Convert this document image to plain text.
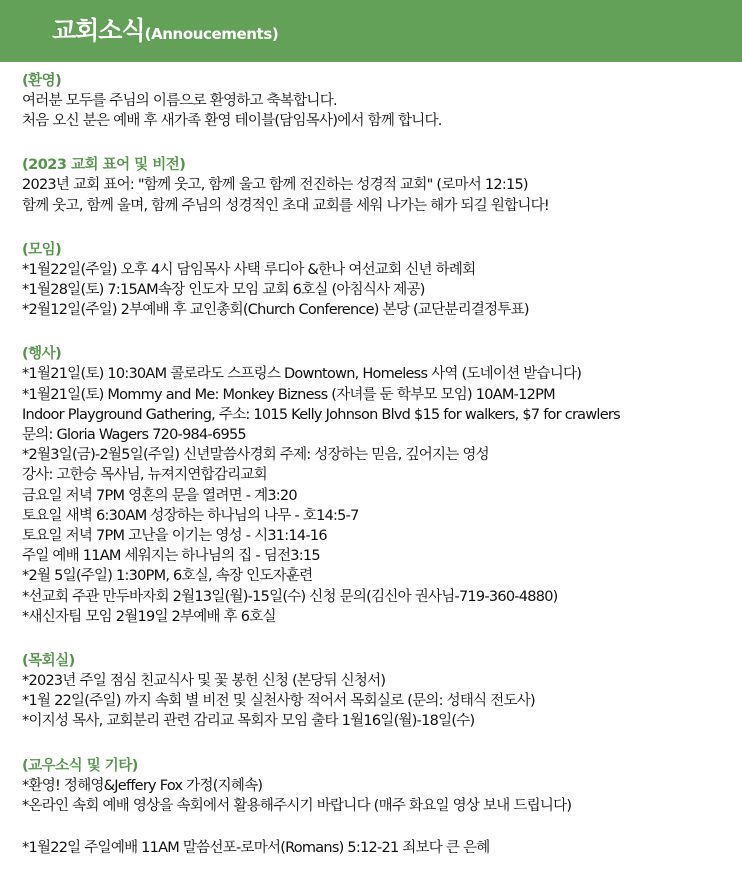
교회소식(Annoucements)
(환영)
여러분 모두를 주님의 이름으로 환영하고 축복합니다.
처음 오신 분은 예배 후 새가족 환영 테이블(담임목사)에서 함께 합니다.
(2023 교회 표어 및 비전)
2023년 교회 표어: "함께 웃고, 함께 울고 함께 전진하는 성경적 교회" (로마서 12:15)
함께 웃고, 함께 울며, 함께 주님의 성경적인 초대 교회를 세워 나가는 해가 되길 원합니다!
(모임)
*1월22일(주일) 오후 4시 담임목사 사택 루디아 &한나 여선교회 신년 하례회
*1월28일(토) 7:15AM속장 인도자 모임 교회 6호실 (아침식사 제공)
*2월12일(주일) 2부예배 후 교인총회(Church Conference) 본당 (교단분리결정투표)
(행사)
*1월21일(토) 10:30AM 콜로라도 스프링스 Downtown, Homeless 사역 (도네이션 받습니다)
*1월21일(토) Mommy and Me: Monkey Bizness (자녀를 둔 학부모 모임) 10AM-12PM
Indoor Playground Gathering, 주소: 1015 Kelly Johnson Blvd $15 for walkers, $7 for crawlers
문의: Gloria Wagers 720-984-6955
*2월3일(금)-2월5일(주일) 신년말씀사경회 주제: 성장하는 믿음, 깊어지는 영성
강사: 고한승 목사님, 뉴져지연합감리교회
금요일 저녁 7PM 영혼의 문을 열려면 - 계3:20
토요일 새벽 6:30AM 성장하는 하나님의 나무 - 호14:5-7
토요일 저녁 7PM 고난을 이기는 영성 - 시31:14-16
주일 예배 11AM 세워지는 하나님의 집 - 딤전3:15
*2월 5일(주일) 1:30PM, 6호실, 속장 인도자훈련
*선교회 주관 만두바자회 2월13일(월)-15일(수) 신청 문의(김신아 권사님-719-360-4880)
*새신자팀 모임 2월19일 2부예배 후 6호실
(목회실)
*2023년 주일 점심 친교식사 및 꽃 봉헌 신청 (본당뒤 신청서)
*1월 22일(주일) 까지 속회 별 비전 및 실천사항 적어서 목회실로 (문의: 성태식 전도사)
*이지성 목사, 교회분리 관련 감리교 목회자 모임 출타 1월16일(월)-18일(수)
(교우소식 및 기타)
*환영! 정해영&Jeffery Fox 가정(지혜속)
*온라인 속회 예배 영상을 속회에서 활용해주시기 바랍니다 (매주 화요일 영상 보내 드립니다)
*1월22일 주일예배 11AM 말씀선포-로마서(Romans) 5:12-21 죄보다 큰 은혜
